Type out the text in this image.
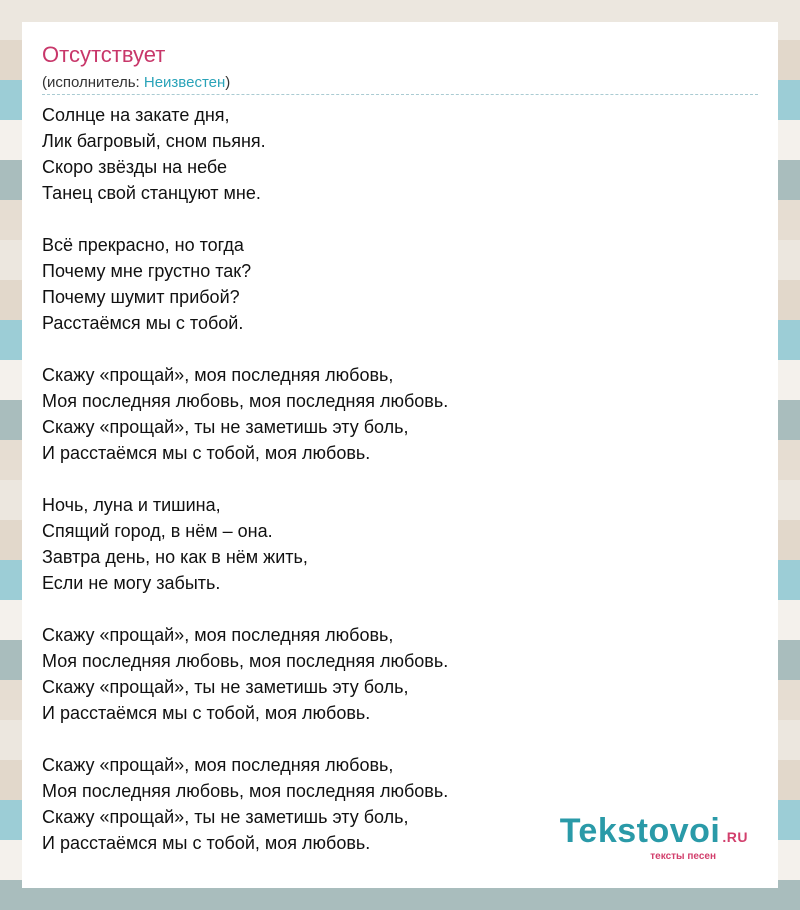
Отсутствует
(исполнитель: Неизвестен)
Солнце на закате дня,
Лик багровый, сном пьяня.
Скоро звёзды на небе
Танец свой станцуют мне.
Всё прекрасно, но тогда
Почему мне грустно так?
Почему шумит прибой?
Расстаёмся мы с тобой.
Скажу «прощай», моя последняя любовь,
Моя последняя любовь, моя последняя любовь.
Скажу «прощай», ты не заметишь эту боль,
И расстаёмся мы с тобой, моя любовь.
Ночь, луна и тишина,
Спящий город, в нём – она.
Завтра день, но как в нём жить,
Если не могу забыть.
Скажу «прощай», моя последняя любовь,
Моя последняя любовь, моя последняя любовь.
Скажу «прощай», ты не заметишь эту боль,
И расстаёмся мы с тобой, моя любовь.
Скажу «прощай», моя последняя любовь,
Моя последняя любовь, моя последняя любовь.
Скажу «прощай», ты не заметишь эту боль,
И расстаёмся мы с тобой, моя любовь.	Tekstovoi .RU
тексты песен
